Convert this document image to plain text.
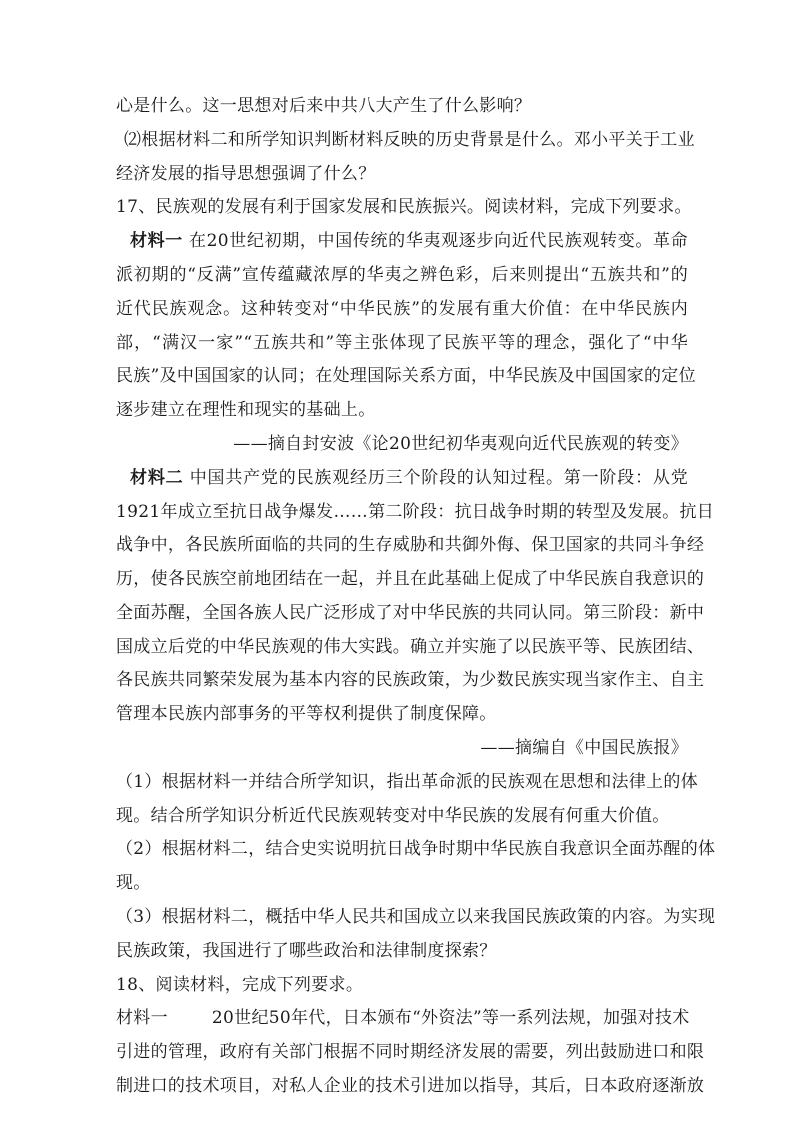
心是什么。这一思想对后来中共八大产生了什么影响？
⑵根据材料二和所学知识判断材料反映的历史背景是什么。邓小平关于工业
经济发展的指导思想强调了什么？
17、民族观的发展有利于国家发展和民族振兴。阅读材料，完成下列要求。
材料一 在20世纪初期，中国传统的华夷观逐步向近代民族观转变。革命
派初期的“反满”宣传蕴藏浓厚的华夷之辨色彩，后来则提出“五族共和”的
近代民族观念。这种转变对“中华民族”的发展有重大价值：在中华民族内
部，“满汉一家”“五族共和”等主张体现了民族平等的理念，强化了“中华
民族”及中国国家的认同；在处理国际关系方面，中华民族及中国国家的定位
逐步建立在理性和现实的基础上。
——摘自封安波《论20世纪初华夷观向近代民族观的转变》
材料二 中国共产党的民族观经历三个阶段的认知过程。第一阶段：从党
1921年成立至抗日战争爆发……第二阶段：抗日战争时期的转型及发展。抗日
战争中，各民族所面临的共同的生存威胁和共御外侮、保卫国家的共同斗争经
历，使各民族空前地团结在一起，并且在此基础上促成了中华民族自我意识的
全面苏醒，全国各族人民广泛形成了对中华民族的共同认同。第三阶段：新中
国成立后党的中华民族观的伟大实践。确立并实施了以民族平等、民族团结、
各民族共同繁荣发展为基本内容的民族政策，为少数民族实现当家作主、自主
管理本民族内部事务的平等权利提供了制度保障。
——摘编自《中国民族报》
（1）根据材料一并结合所学知识，指出革命派的民族观在思想和法律上的体
现。结合所学知识分析近代民族观转变对中华民族的发展有何重大价值。
（2）根据材料二，结合史实说明抗日战争时期中华民族自我意识全面苏醒的体
现。
（3）根据材料二，概括中华人民共和国成立以来我国民族政策的内容。为实现
民族政策，我国进行了哪些政治和法律制度探索？
18、阅读材料，完成下列要求。
材料一	20世纪50年代，日本颁布“外资法”等一系列法规，加强对技术
引进的管理，政府有关部门根据不同时期经济发展的需要，列出鼓励进口和限
制进口的技术项目，对私人企业的技术引进加以指导，其后，日本政府逐渐放
